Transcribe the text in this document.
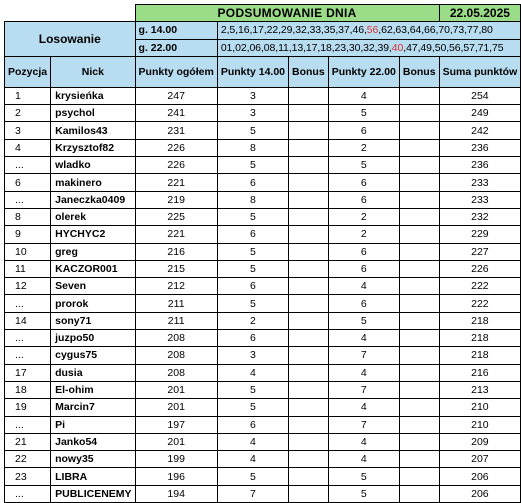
		PODSUMOWANIE DNIA					22.05.2025
Losowanie		g. 14.00	2,5,16,17,22,29,32,33,35,37,46,56,62,63,64,66,70,73,77,80				
		g. 22.00	01,02,06,08,11,13,17,18,23,30,32,39,40,47,49,50,56,57,71,75				
Pozycja	Nick	Punkty ogółem	Punkty 14.00	Bonus	Punkty 22.00	Bonus	Suma punktów
1	krysieńka	247	3		4		254
2	psychol	241	3		5		249
3	Kamilos43	231	5		6		242
4	Krzysztof82	226	8		2		236
...	wladko	226	5		5		236
6	makinero	221	6		6		233
...	Janeczka0409	219	8		6		233
8	olerek	225	5		2		232
9	HYCHYC2	221	6		2		229
10	greg	216	5		6		227
11	KACZOR001	215	5		6		226
12	Seven	212	6		4		222
...	prorok	211	5		6		222
14	sony71	211	2		5		218
...	juzpo50	208	6		4		218
...	cygus75	208	3		7		218
17	dusia	208	4		4		216
18	El-ohim	201	5		7		213
19	Marcin7	201	5		4		210
...	Pi	197	6		7		210
21	Janko54	201	4		4		209
22	nowy35	199	4		4		207
23	LIBRA	196	5		5		206
...	PUBLICENEMY	194	7		5		206
